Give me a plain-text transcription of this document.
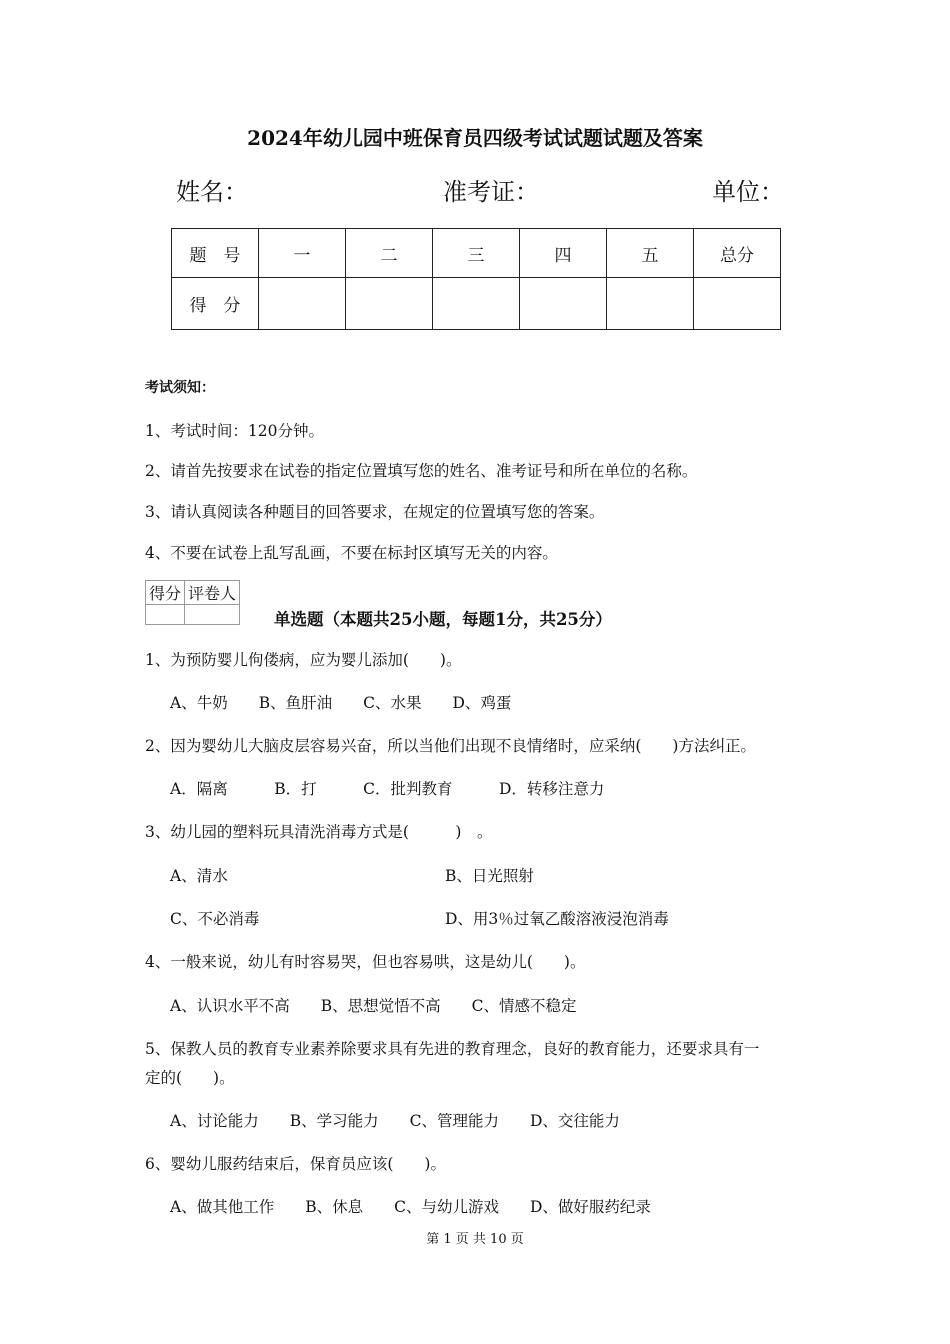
2024年幼儿园中班保育员四级考试试题试题及答案
姓名：	准考证：	单位：
题　号	一	二	三	四	五	总分
得　分						
考试须知：
1、考试时间：120分钟。
2、请首先按要求在试卷的指定位置填写您的姓名、准考证号和所在单位的名称。
3、请认真阅读各种题目的回答要求，在规定的位置填写您的答案。
4、不要在试卷上乱写乱画，不要在标封区填写无关的内容。
得分	评卷人

单选题（本题共25小题，每题1分，共25分）
1、为预防婴儿佝偻病，应为婴儿添加(　　)。
A、牛奶　　B、鱼肝油　　C、水果　　D、鸡蛋
2、因为婴幼儿大脑皮层容易兴奋，所以当他们出现不良情绪时，应采纳(　　)方法纠正。
A．隔离　　　B．打　　　C．批判教育　　　D．转移注意力
3、幼儿园的塑料玩具清洗消毒方式是(　　　)　。
A、清水	B、日光照射
C、不必消毒	D、用3％过氧乙酸溶液浸泡消毒
4、一般来说，幼儿有时容易哭，但也容易哄，这是幼儿(　　)。
A、认识水平不高　　B、思想觉悟不高　　C、情感不稳定
5、保教人员的教育专业素养除要求具有先进的教育理念，良好的教育能力，还要求具有一
定的(　　)。
A、讨论能力　　B、学习能力　　C、管理能力　　D、交往能力
6、婴幼儿服药结束后，保育员应该(　　)。
A、做其他工作　　B、休息　　C、与幼儿游戏　　D、做好服药纪录
第 1 页 共 10 页
